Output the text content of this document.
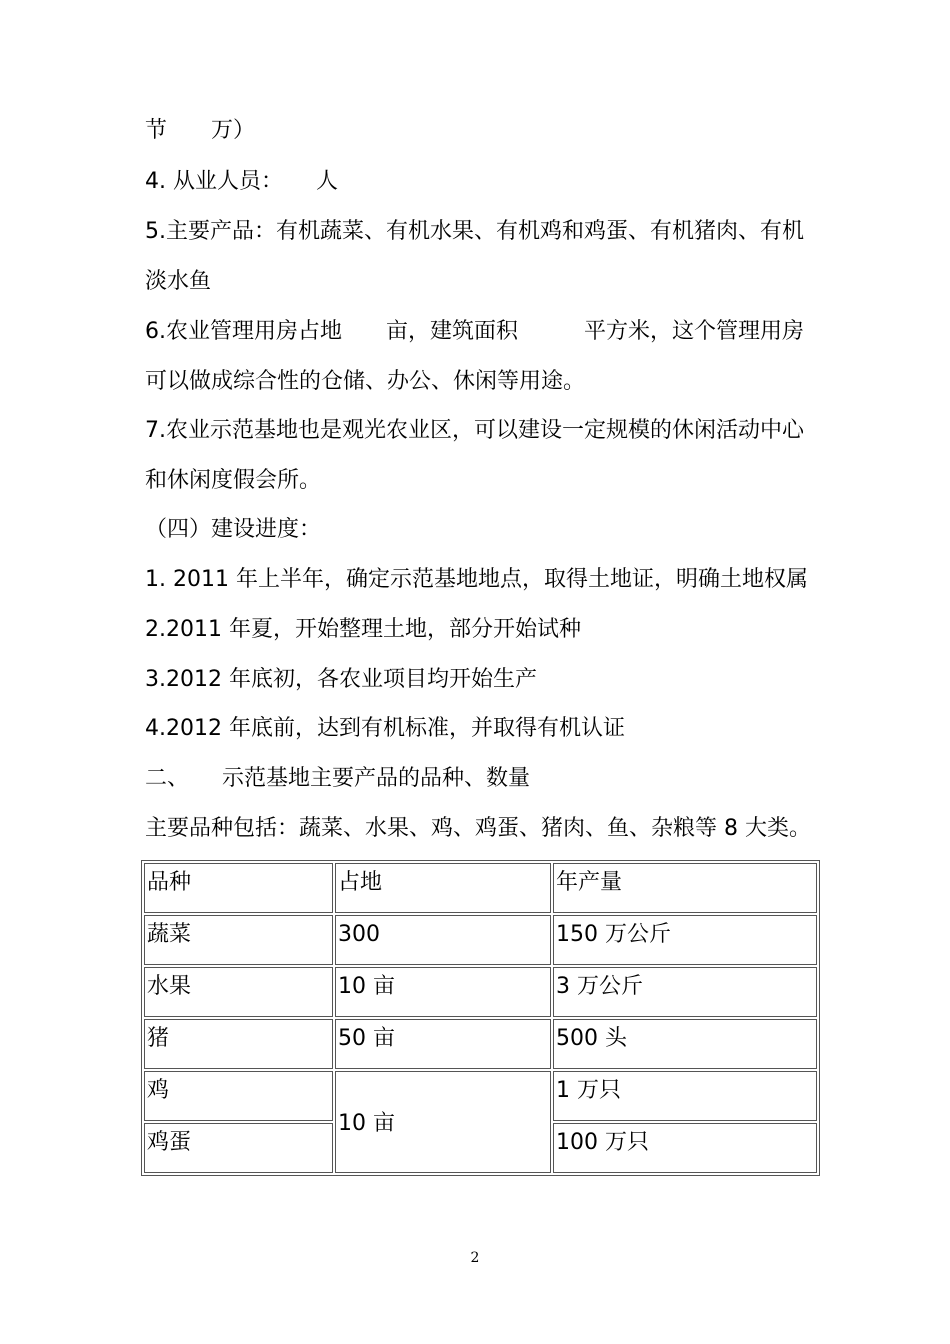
节　　万）
4. 从业人员：　　人
5.主要产品：有机蔬菜、有机水果、有机鸡和鸡蛋、有机猪肉、有机
淡水鱼
6.农业管理用房占地　　亩，建筑面积　　　平方米，这个管理用房
可以做成综合性的仓储、办公、休闲等用途。
7.农业示范基地也是观光农业区，可以建设一定规模的休闲活动中心
和休闲度假会所。
（四）建设进度：
1. 2011 年上半年，确定示范基地地点，取得土地证，明确土地权属
2.2011 年夏，开始整理土地，部分开始试种
3.2012 年底初，各农业项目均开始生产
4.2012 年底前，达到有机标准，并取得有机认证
二、　　示范基地主要产品的品种、数量
主要品种包括：蔬菜、水果、鸡、鸡蛋、猪肉、鱼、杂粮等 8 大类。
品种	占地	年产量
蔬菜	300	150 万公斤
水果	10 亩	3 万公斤
猪	50 亩	500 头
鸡	10 亩	1 万只
鸡蛋		100 万只
2
